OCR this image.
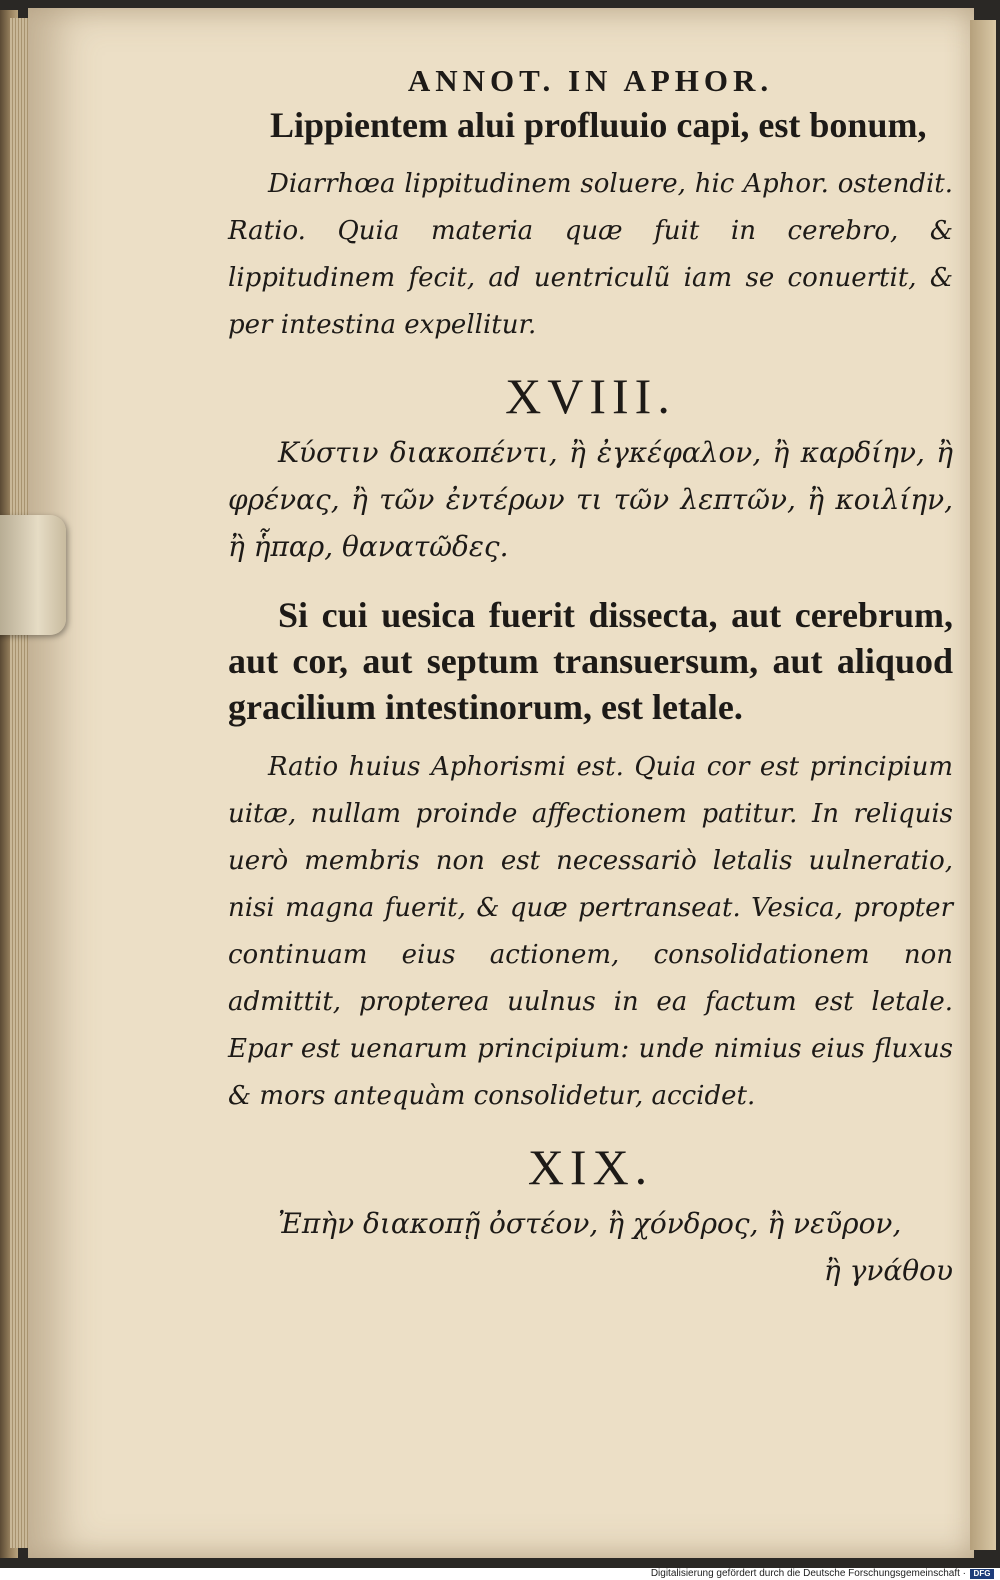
ANNOT. IN APHOR.

Lippientem alui profluuio capi, est bonum,

Diarrhœa lippitudinem soluere, hic Aphor. ostendit. Ratio. Quia materia quæ fuit in cerebro, & lippitudinem fecit, ad uentriculũ iam se conuertit, & per intestina expellitur.

XVIII.

Κύστιν διακοπέντι, ἢ ἐγκέφαλον, ἢ καρδίην, ἢ φρένας, ἢ τῶν ἐντέρων τι τῶν λεπτῶν, ἢ κοιλίην, ἢ ἧπαρ, θανατῶδες.

Si cui uesica fuerit dissecta, aut cerebrum, aut cor, aut septum transuersum, aut aliquod gracilium intestinorum, est letale.

Ratio huius Aphorismi est. Quia cor est principium uitæ, nullam proinde affectionem patitur. In reliquis uerò membris non est necessariò letalis uulneratio, nisi magna fuerit, & quæ pertranseat. Vesica, propter continuam eius actionem, consolidationem non admittit, propterea uulnus in ea factum est letale. Epar est uenarum principium: unde nimius eius fluxus & mors antequàm consolidetur, accidet.

XIX.

Ἐπὴν διακοπῇ ὀστέον, ἢ χόνδρος, ἢ νεῦρον,

ἢ γνάθου

Digitalisierung gefördert durch die Deutsche Forschungsgemeinschaft · DFG
